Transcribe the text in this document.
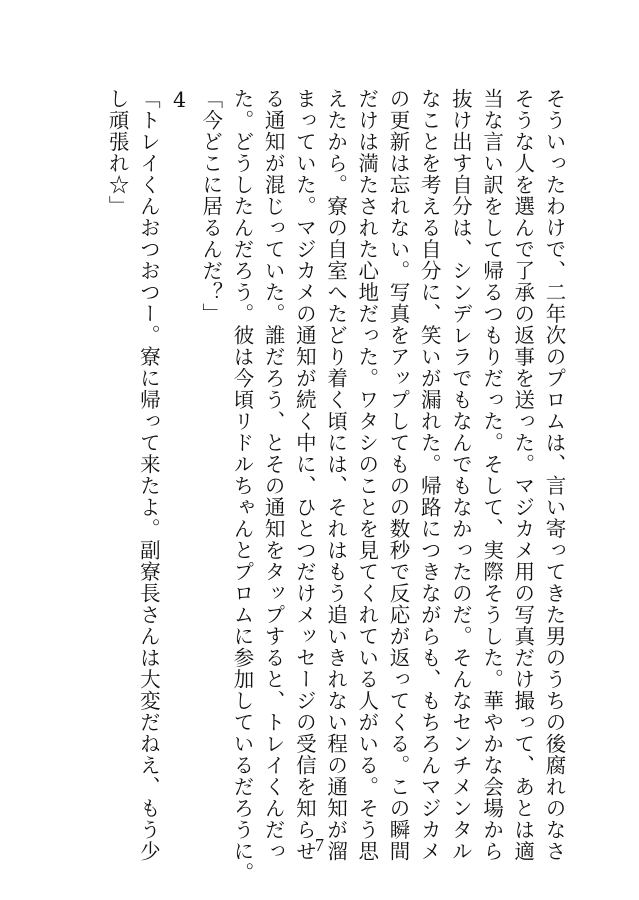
そういったわけで、二年次のプロムは、言い寄ってきた男のうちの後腐れのなさ

そうな人を選んで了承の返事を送った。マジカメ用の写真だけ撮って、あとは適

当な言い訳をして帰るつもりだった。そして、実際そうした。華やかな会場から

抜け出す自分は、シンデレラでもなんでもなかったのだ。そんなセンチメンタル

なことを考える自分に、笑いが漏れた。帰路につきながらも、もちろんマジカメ

の更新は忘れない。写真をアップしてものの数秒で反応が返ってくる。この瞬間

だけは満たされた心地だった。ワタシのことを見てくれている人がいる。そう思

えたから。寮の自室へたどり着く頃には、それはもう追いきれない程の通知が溜

まっていた。マジカメの通知が続く中に、ひとつだけメッセージの受信を知らせ

る通知が混じっていた。誰だろう、とその通知をタップすると、トレイくんだっ

た。どうしたんだろう。彼は今頃リドルちゃんとプロムに参加しているだろうに。

「今どこに居るんだ？」

4

「トレイくんおつおつー。寮に帰って来たよ。副寮長さんは大変だねえ、もう少

し頑張れ☆」

7
